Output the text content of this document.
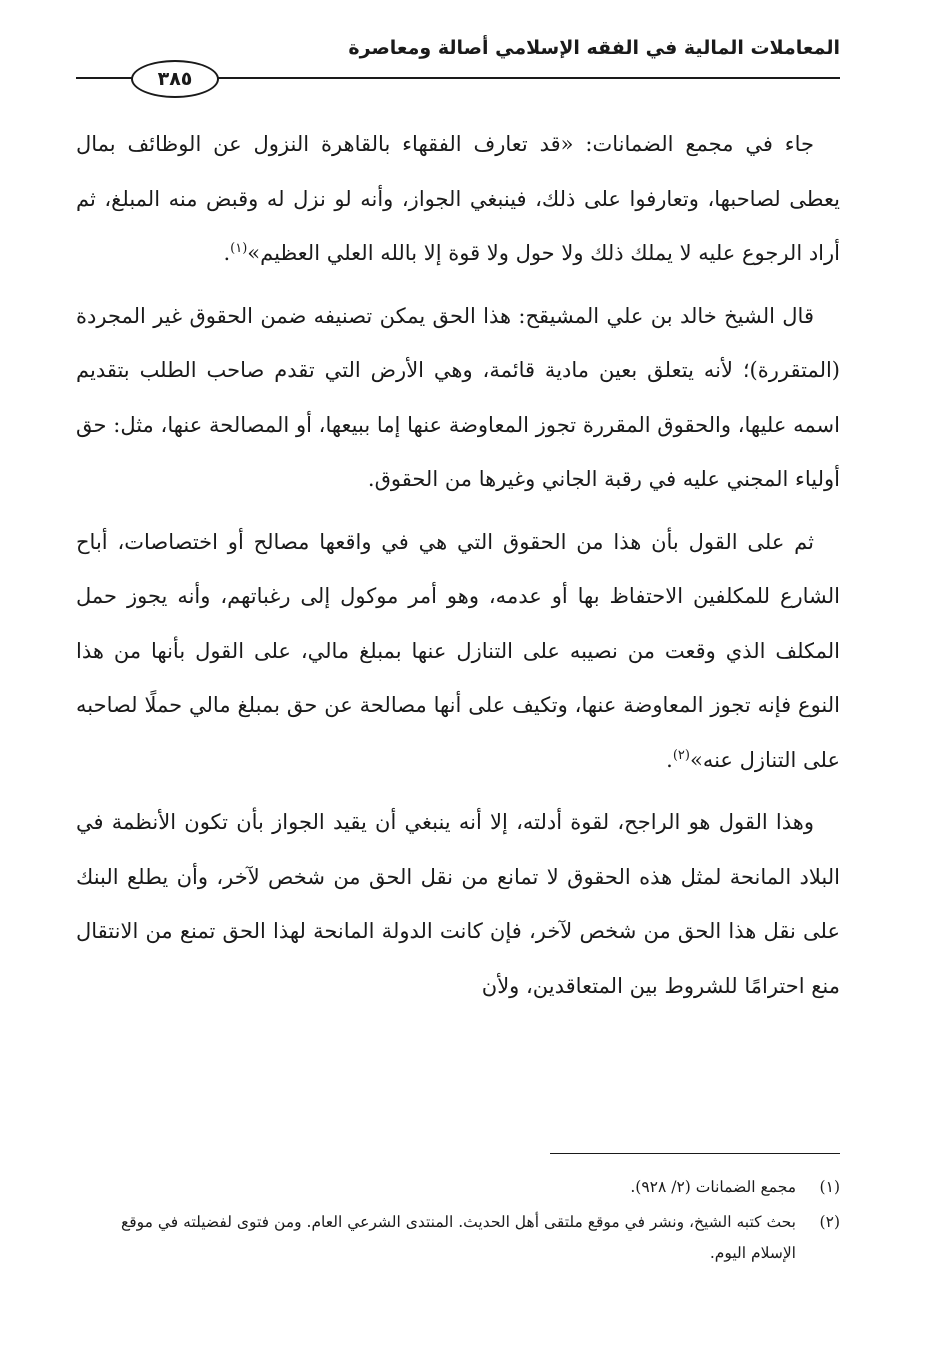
المعاملات المالية في الفقه الإسلامي أصالة ومعاصرة
٣٨٥

جاء في مجمع الضمانات: «قد تعارف الفقهاء بالقاهرة النزول عن الوظائف بمال يعطى لصاحبها، وتعارفوا على ذلك، فينبغي الجواز، وأنه لو نزل له وقبض منه المبلغ، ثم أراد الرجوع عليه لا يملك ذلك ولا حول ولا قوة إلا بالله العلي العظيم»$^{(١)}$.

قال الشيخ خالد بن علي المشيقح: هذا الحق يمكن تصنيفه ضمن الحقوق غير المجردة (المتقررة)؛ لأنه يتعلق بعين مادية قائمة، وهي الأرض التي تقدم صاحب الطلب بتقديم اسمه عليها، والحقوق المقررة تجوز المعاوضة عنها إما ببيعها، أو المصالحة عنها، مثل: حق أولياء المجني عليه في رقبة الجاني وغيرها من الحقوق.

ثم على القول بأن هذا من الحقوق التي هي في واقعها مصالح أو اختصاصات، أباح الشارع للمكلفين الاحتفاظ بها أو عدمه، وهو أمر موكول إلى رغباتهم، وأنه يجوز حمل المكلف الذي وقعت من نصيبه على التنازل عنها بمبلغ مالي، على القول بأنها من هذا النوع فإنه تجوز المعاوضة عنها، وتكيف على أنها مصالحة عن حق بمبلغ مالي حملًا لصاحبه على التنازل عنه»$^{(٢)}$.

وهذا القول هو الراجح، لقوة أدلته، إلا أنه ينبغي أن يقيد الجواز بأن تكون الأنظمة في البلاد المانحة لمثل هذه الحقوق لا تمانع من نقل الحق من شخص لآخر، وأن يطلع البنك على نقل هذا الحق من شخص لآخر، فإن كانت الدولة المانحة لهذا الحق تمنع من الانتقال منع احترامًا للشروط بين المتعاقدين، ولأن

(١)
مجمع الضمانات (٢/ ٩٢٨).
(٢)
بحث كتبه الشيخ، ونشر في موقع ملتقى أهل الحديث. المنتدى الشرعي العام. ومن فتوى لفضيلته في موقع الإسلام اليوم.
